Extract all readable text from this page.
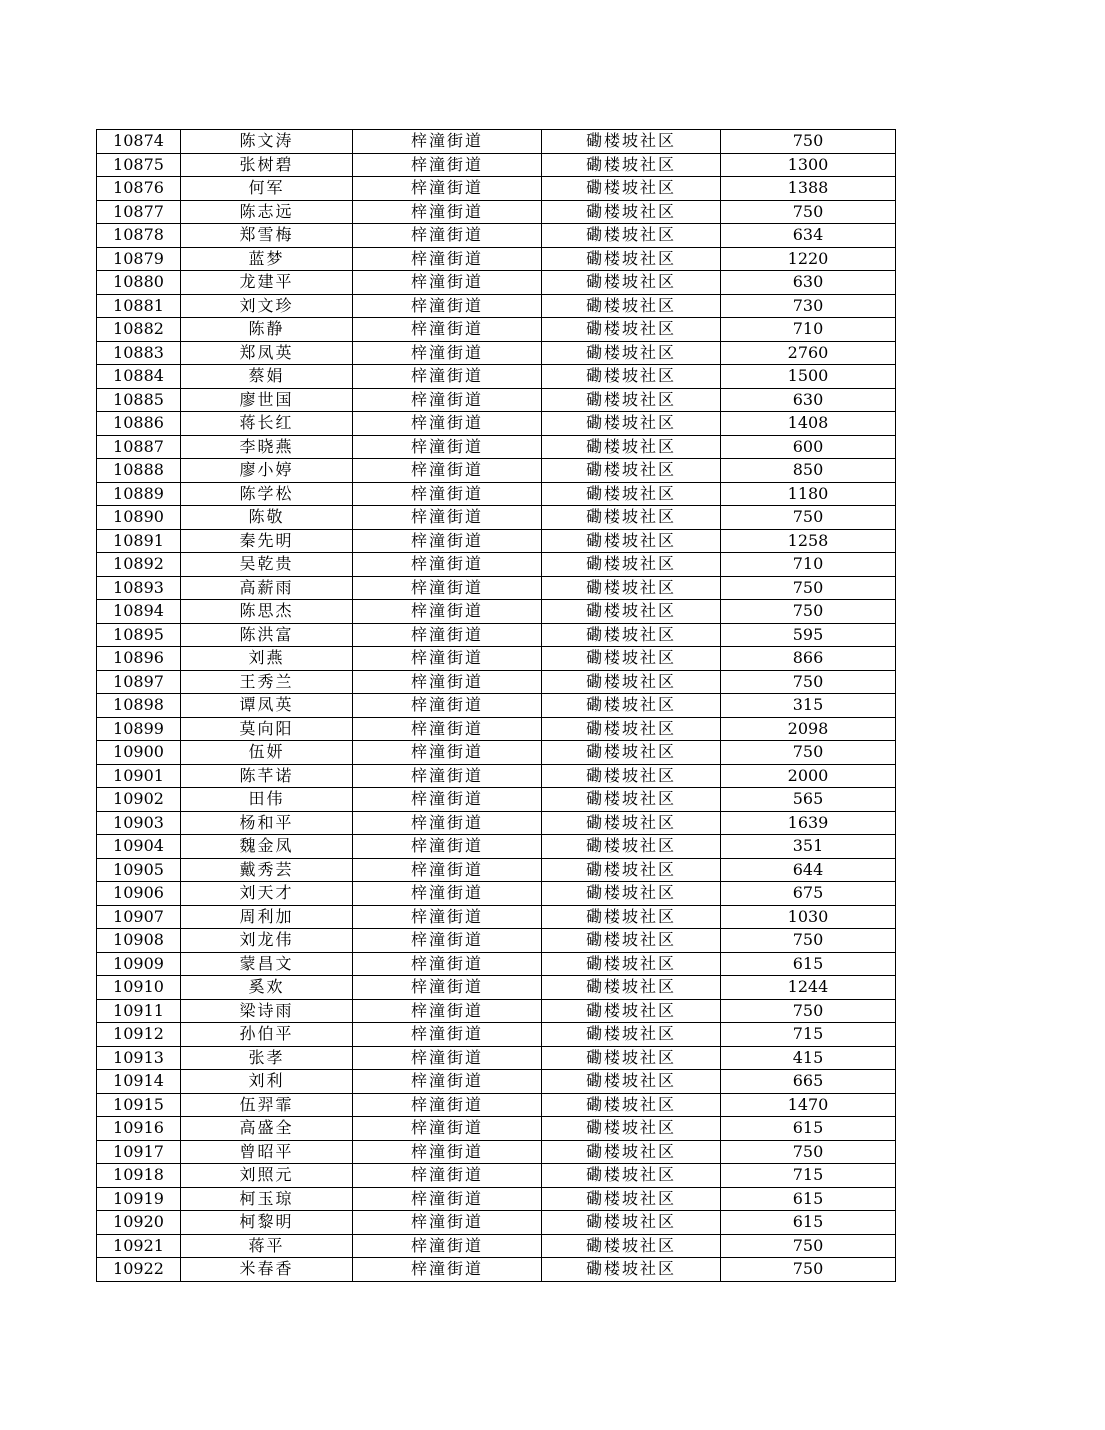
10874	陈文涛	梓潼街道	磡楼坡社区	750
10875	张树碧	梓潼街道	磡楼坡社区	1300
10876	何军	梓潼街道	磡楼坡社区	1388
10877	陈志远	梓潼街道	磡楼坡社区	750
10878	郑雪梅	梓潼街道	磡楼坡社区	634
10879	蓝梦	梓潼街道	磡楼坡社区	1220
10880	龙建平	梓潼街道	磡楼坡社区	630
10881	刘文珍	梓潼街道	磡楼坡社区	730
10882	陈静	梓潼街道	磡楼坡社区	710
10883	郑凤英	梓潼街道	磡楼坡社区	2760
10884	蔡娟	梓潼街道	磡楼坡社区	1500
10885	廖世国	梓潼街道	磡楼坡社区	630
10886	蒋长红	梓潼街道	磡楼坡社区	1408
10887	李晓燕	梓潼街道	磡楼坡社区	600
10888	廖小婷	梓潼街道	磡楼坡社区	850
10889	陈学松	梓潼街道	磡楼坡社区	1180
10890	陈敬	梓潼街道	磡楼坡社区	750
10891	秦先明	梓潼街道	磡楼坡社区	1258
10892	吴乾贵	梓潼街道	磡楼坡社区	710
10893	高薪雨	梓潼街道	磡楼坡社区	750
10894	陈思杰	梓潼街道	磡楼坡社区	750
10895	陈洪富	梓潼街道	磡楼坡社区	595
10896	刘燕	梓潼街道	磡楼坡社区	866
10897	王秀兰	梓潼街道	磡楼坡社区	750
10898	谭凤英	梓潼街道	磡楼坡社区	315
10899	莫向阳	梓潼街道	磡楼坡社区	2098
10900	伍妍	梓潼街道	磡楼坡社区	750
10901	陈芊诺	梓潼街道	磡楼坡社区	2000
10902	田伟	梓潼街道	磡楼坡社区	565
10903	杨和平	梓潼街道	磡楼坡社区	1639
10904	魏金凤	梓潼街道	磡楼坡社区	351
10905	戴秀芸	梓潼街道	磡楼坡社区	644
10906	刘天才	梓潼街道	磡楼坡社区	675
10907	周利加	梓潼街道	磡楼坡社区	1030
10908	刘龙伟	梓潼街道	磡楼坡社区	750
10909	蒙昌文	梓潼街道	磡楼坡社区	615
10910	奚欢	梓潼街道	磡楼坡社区	1244
10911	梁诗雨	梓潼街道	磡楼坡社区	750
10912	孙伯平	梓潼街道	磡楼坡社区	715
10913	张孝	梓潼街道	磡楼坡社区	415
10914	刘利	梓潼街道	磡楼坡社区	665
10915	伍羿霏	梓潼街道	磡楼坡社区	1470
10916	高盛全	梓潼街道	磡楼坡社区	615
10917	曾昭平	梓潼街道	磡楼坡社区	750
10918	刘照元	梓潼街道	磡楼坡社区	715
10919	柯玉琼	梓潼街道	磡楼坡社区	615
10920	柯黎明	梓潼街道	磡楼坡社区	615
10921	蒋平	梓潼街道	磡楼坡社区	750
10922	米春香	梓潼街道	磡楼坡社区	750
